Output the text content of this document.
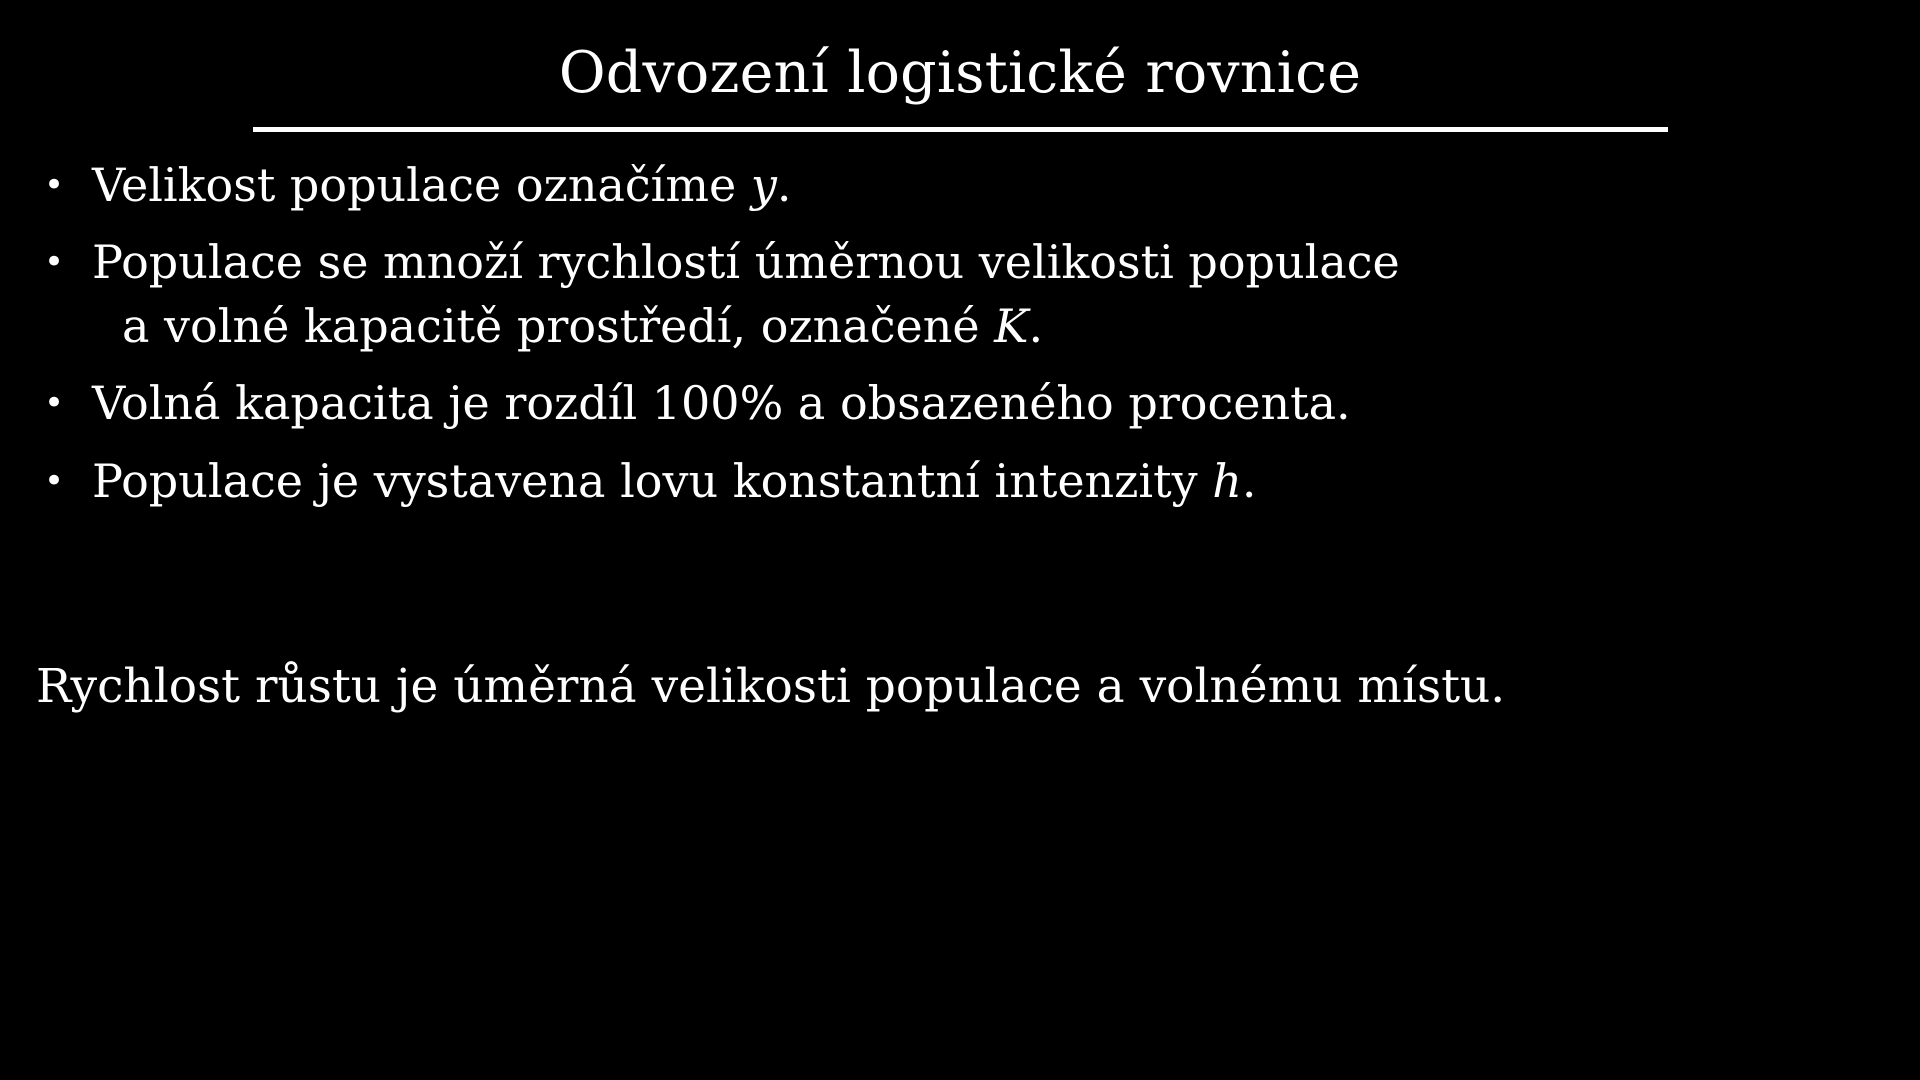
Odvození logistické rovnice
• Velikost populace označíme y.
• Populace se množí rychlostí úměrnou velikosti populace
a volné kapacitě prostředí, označené K.
• Volná kapacita je rozdíl 100% a obsazeného procenta.
• Populace je vystavena lovu konstantní intenzity h.

Rychlost růstu je úměrná velikosti populace a volnému místu.
